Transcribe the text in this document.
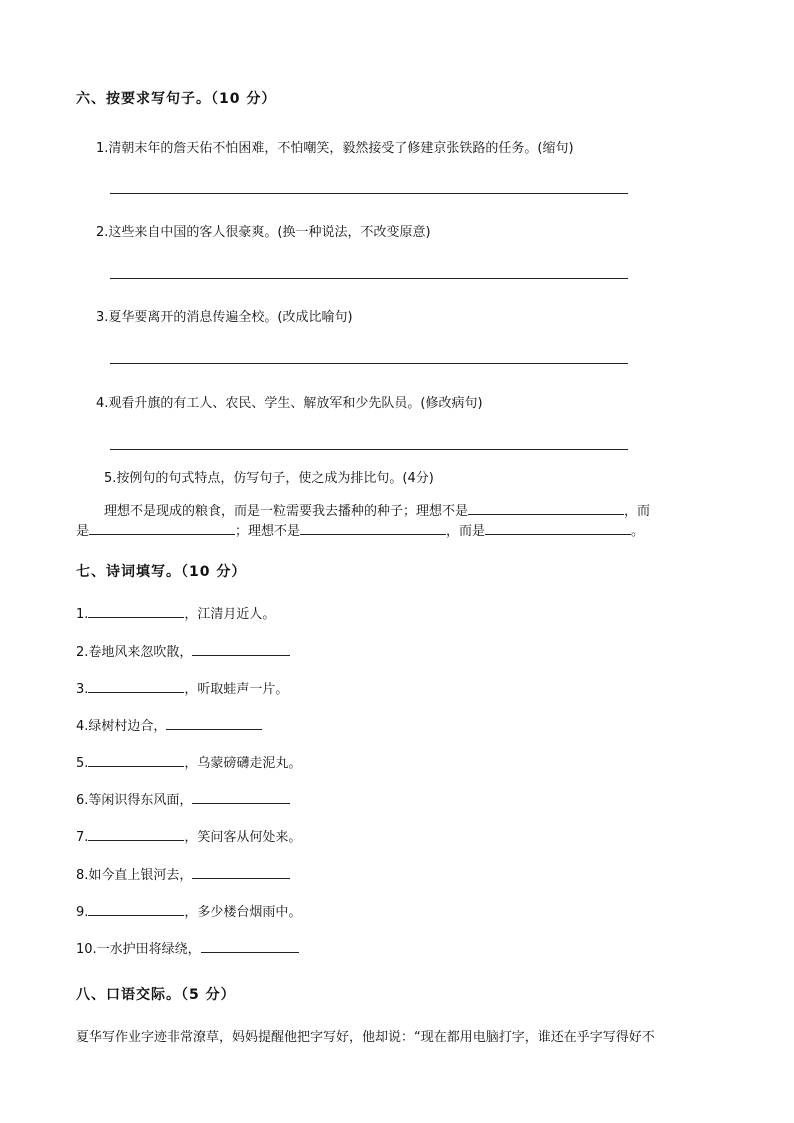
六、按要求写句子。（10 分）
1.清朝末年的詹天佑不怕困难，不怕嘲笑，毅然接受了修建京张铁路的任务。(缩句)
2.这些来自中国的客人很豪爽。(换一种说法，不改变原意)
3.夏华要离开的消息传遍全校。(改成比喻句)
4.观看升旗的有工人、农民、学生、解放军和少先队员。(修改病句)
5.按例句的句式特点，仿写句子，使之成为排比句。(4分)
理想不是现成的粮食，而是一粒需要我去播种的种子；理想不是	，而
是	；理想不是	，而是	。
七、诗词填写。（10 分）
1.	，江清月近人。
2.卷地风来忽吹散，
3.	，听取蛙声一片。
4.绿树村边合，
5.	，乌蒙磅礴走泥丸。
6.等闲识得东风面，
7.	，笑问客从何处来。
8.如今直上银河去，
9.	，多少楼台烟雨中。
10.一水护田将绿绕，
八、口语交际。（5 分）
夏华写作业字迹非常潦草，妈妈提醒他把字写好，他却说：“现在都用电脑打字，谁还在乎字写得好不
